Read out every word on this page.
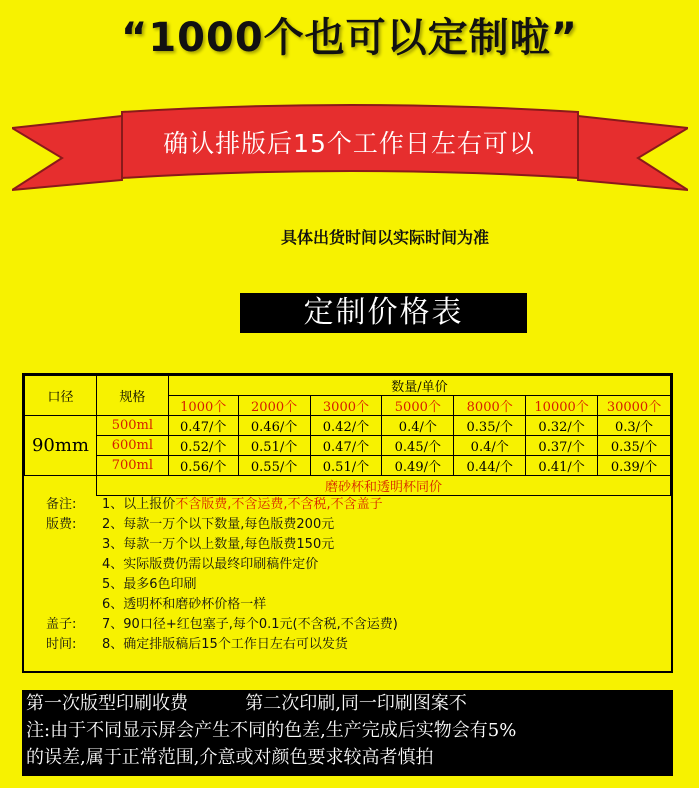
“1000个也可以定制啦”
确认排版后15个工作日左右可以
具体出货时间以实际时间为准
定制价格表
口径	规格	数量/单价						
		1000个	2000个	3000个	5000个	8000个	10000个	30000个
90mm	500ml	0.47/个	0.46/个	0.42/个	0.4/个	0.35/个	0.32/个	0.3/个
	600ml	0.52/个	0.51/个	0.47/个	0.45/个	0.4/个	0.37/个	0.35/个
	700ml	0.56/个	0.55/个	0.51/个	0.49/个	0.44/个	0.41/个	0.39/个
	磨砂杯和透明杯同价							
备注:	1、以上报价不含版费,不含运费,不含税,不含盖子
版费:	2、每款一万个以下数量,每色版费200元
3、每款一万个以上数量,每色版费150元
4、实际版费仍需以最终印刷稿件定价
5、最多6色印刷
6、透明杯和磨砂杯价格一样
盖子:	7、90口径+红包塞子,每个0.1元(不含税,不含运费)
时间:	8、确定排版稿后15个工作日左右可以发货
第一次版型印刷收费          第二次印刷,同一印刷图案不
注:由于不同显示屏会产生不同的色差,生产完成后实物会有5%
的误差,属于正常范围,介意或对颜色要求较高者慎拍
